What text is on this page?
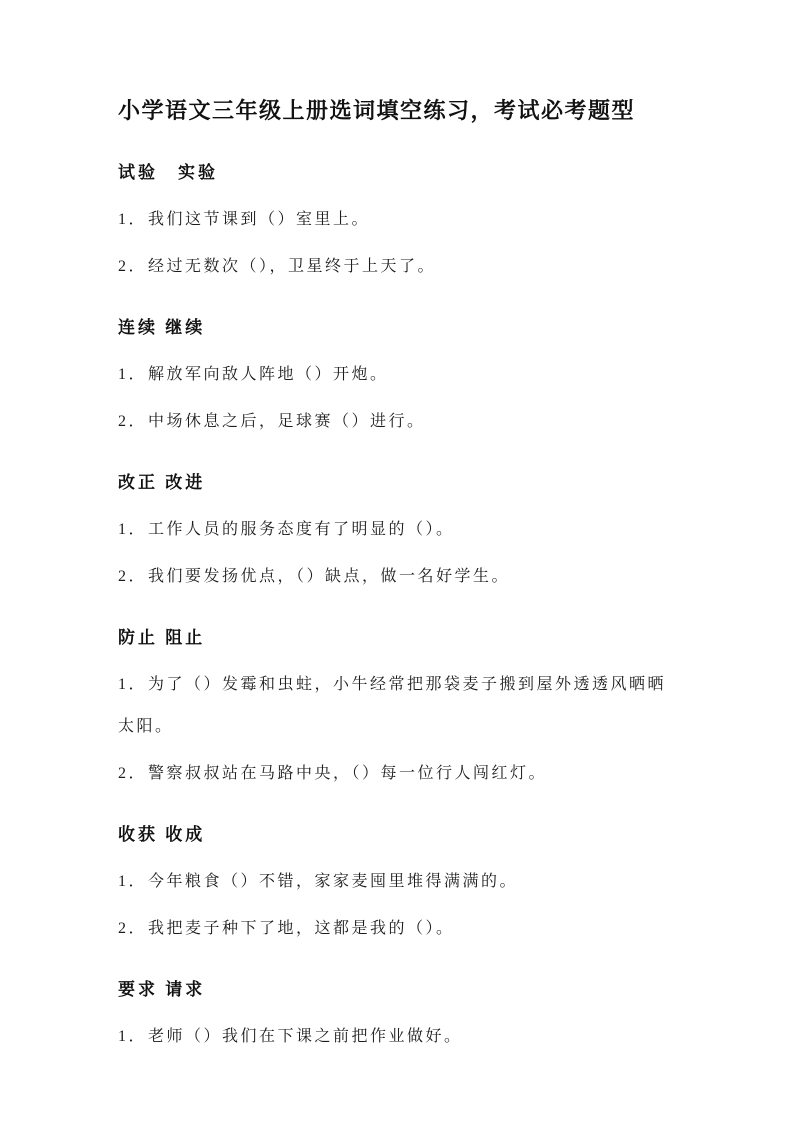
小学语文三年级上册选词填空练习，考试必考题型
试验　实验

1．我们这节课到（）室里上。

2．经过无数次（），卫星终于上天了。

连续 继续

1．解放军向敌人阵地（）开炮。

2．中场休息之后，足球赛（）进行。

改正 改进

1．工作人员的服务态度有了明显的（）。

2．我们要发扬优点，（）缺点，做一名好学生。

防止 阻止

1．为了（）发霉和虫蛀，小牛经常把那袋麦子搬到屋外透透风晒晒太阳。

2．警察叔叔站在马路中央，（）每一位行人闯红灯。

收获 收成

1．今年粮食（）不错，家家麦囤里堆得满满的。

2．我把麦子种下了地，这都是我的（）。

要求 请求

1．老师（）我们在下课之前把作业做好。
